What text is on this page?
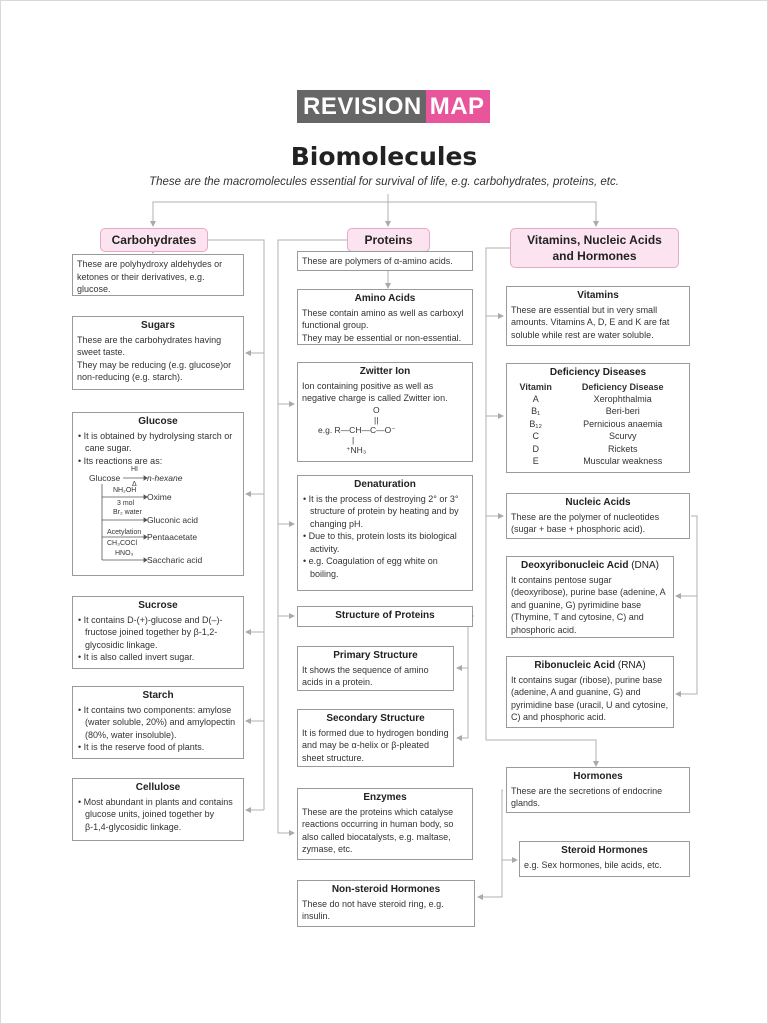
REVISION MAP
Biomolecules
These are the macromolecules essential for survival of life, e.g. carbohydrates, proteins, etc.
Carbohydrates	Proteins	Vitamins, Nucleic Acids and Hormones

These are polyhydroxy aldehydes or ketones or their derivatives, e.g. glucose.

Sugars

These are the carbohydrates having sweet taste.

They may be reducing (e.g. glucose)or non-reducing (e.g. starch).

Glucose
• It is obtained by hydrolysing starch or cane sugar.
• Its reactions are as:
Glucose
HI
Δ
n-hexane
NH₂OH
3 mol
Oxime
Br₂ water
Gluconic acid
Acetylation
CH₃COCl
Pentaacetate
HNO₃
Saccharic acid
Sucrose
• It contains D-(+)-glucose and D(–)-fructose joined together by β-1,2-glycosidic linkage.
• It is also called invert sugar.
Starch
• It contains two components: amylose (water soluble, 20%) and amylopectin (80%, water insoluble).
• It is the reserve food of plants.
Cellulose
• Most abundant in plants and contains glucose units, joined together by β-1,4-glycosidic linkage.

These are polymers of α-amino acids.

Amino Acids

These contain amino as well as carboxyl functional group.

They may be essential or non-essential.

Zwitter Ion

Ion containing positive as well as negative charge is called Zwitter ion.

O
||
e.g. R—CH—C—O⁻
|
⁺NH₃
Denaturation
• It is the process of destroying 2° or 3° structure of protein by heating and by changing pH.
• Due to this, protein losts its biological activity.
• e.g. Coagulation of egg white on boiling.
Structure of Proteins
Primary Structure

It shows the sequence of amino acids in a protein.

Secondary Structure

It is formed due to hydrogen bonding and may be α-helix or β-pleated sheet structure.

Enzymes

These are the proteins which catalyse reactions occurring in human body, so also called biocatalysts, e.g. maltase, zymase, etc.

Non-steroid Hormones

These do not have steroid ring, e.g. insulin.

Vitamins

These are essential but in very small amounts. Vitamins A, D, E and K are fat soluble while rest are water soluble.

Deficiency Diseases
Vitamin	Deficiency Disease
A	Xerophthalmia
B₁	Beri-beri
B₁₂	Pernicious anaemia
C	Scurvy
D	Rickets
E	Muscular weakness
Nucleic Acids

These are the polymer of nucleotides (sugar + base + phosphoric acid).

Deoxyribonucleic Acid (DNA)

It contains pentose sugar (deoxyribose), purine base (adenine, A and guanine, G) pyrimidine base (Thymine, T and cytosine, C) and phosphoric acid.

Ribonucleic Acid (RNA)

It contains sugar (ribose), purine base (adenine, A and guanine, G) and pyrimidine base (uracil, U and cytosine, C) and phosphoric acid.

Hormones

These are the secretions of endocrine glands.

Steroid Hormones

e.g. Sex hormones, bile acids, etc.
